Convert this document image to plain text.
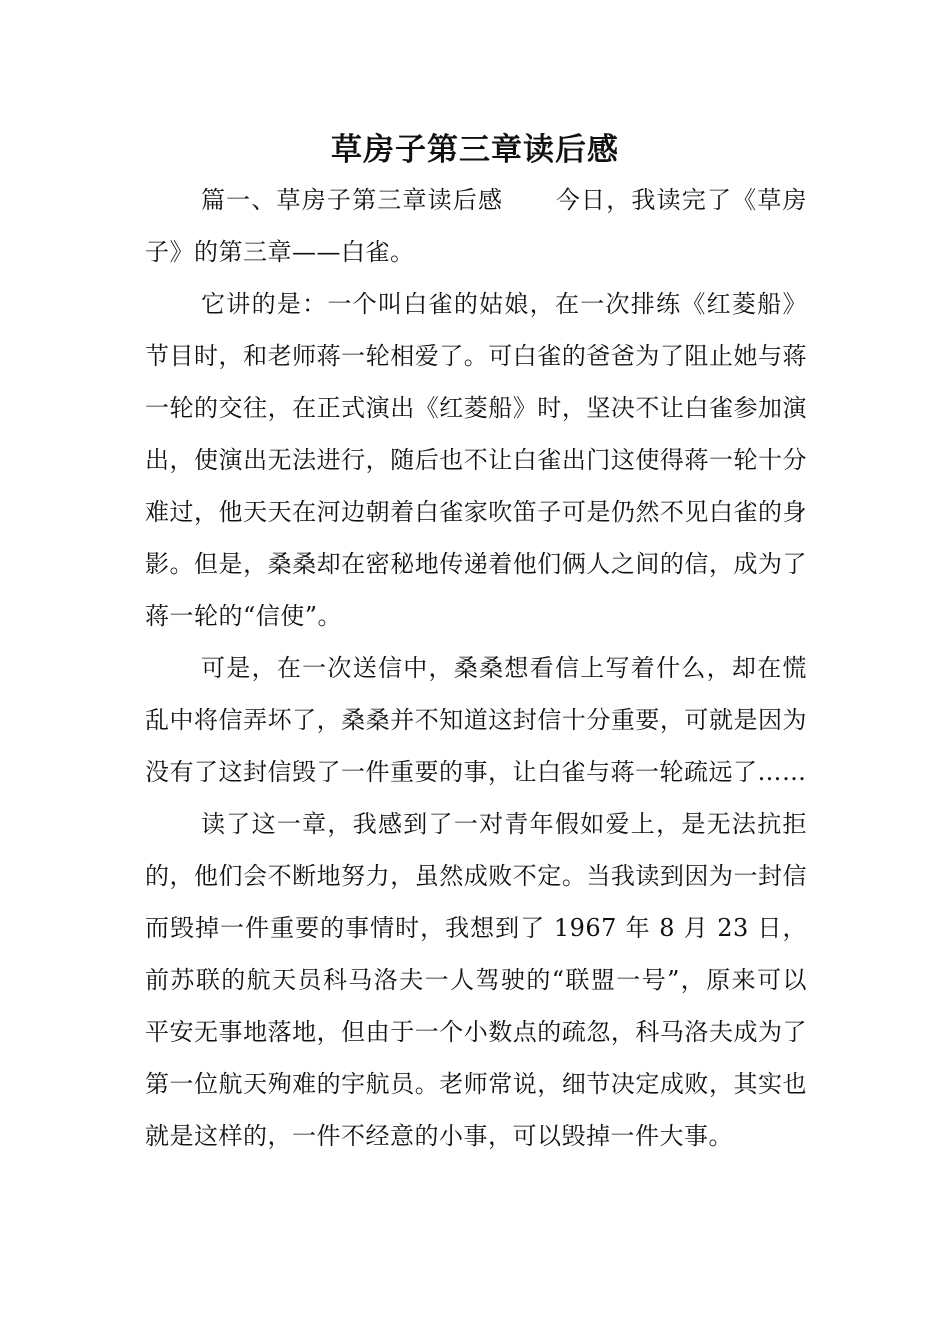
草房子第三章读后感

篇一、草房子第三章读后感 今日，我读完了《草房子》的第三章——白雀。

它讲的是：一个叫白雀的姑娘，在一次排练《红菱船》节目时，和老师蒋一轮相爱了。可白雀的爸爸为了阻止她与蒋一轮的交往，在正式演出《红菱船》时，坚决不让白雀参加演出，使演出无法进行，随后也不让白雀出门这使得蒋一轮十分难过，他天天在河边朝着白雀家吹笛子可是仍然不见白雀的身影。但是，桑桑却在密秘地传递着他们俩人之间的信，成为了蒋一轮的“信使”。

可是，在一次送信中，桑桑想看信上写着什么，却在慌乱中将信弄坏了，桑桑并不知道这封信十分重要，可就是因为没有了这封信毁了一件重要的事，让白雀与蒋一轮疏远了……

读了这一章，我感到了一对青年假如爱上，是无法抗拒的，他们会不断地努力，虽然成败不定。当我读到因为一封信而毁掉一件重要的事情时，我想到了 1967 年 8 月 23 日，前苏联的航天员科马洛夫一人驾驶的“联盟一号”，原来可以平安无事地落地，但由于一个小数点的疏忽，科马洛夫成为了第一位航天殉难的宇航员。老师常说，细节决定成败，其实也就是这样的，一件不经意的小事，可以毁掉一件大事。
